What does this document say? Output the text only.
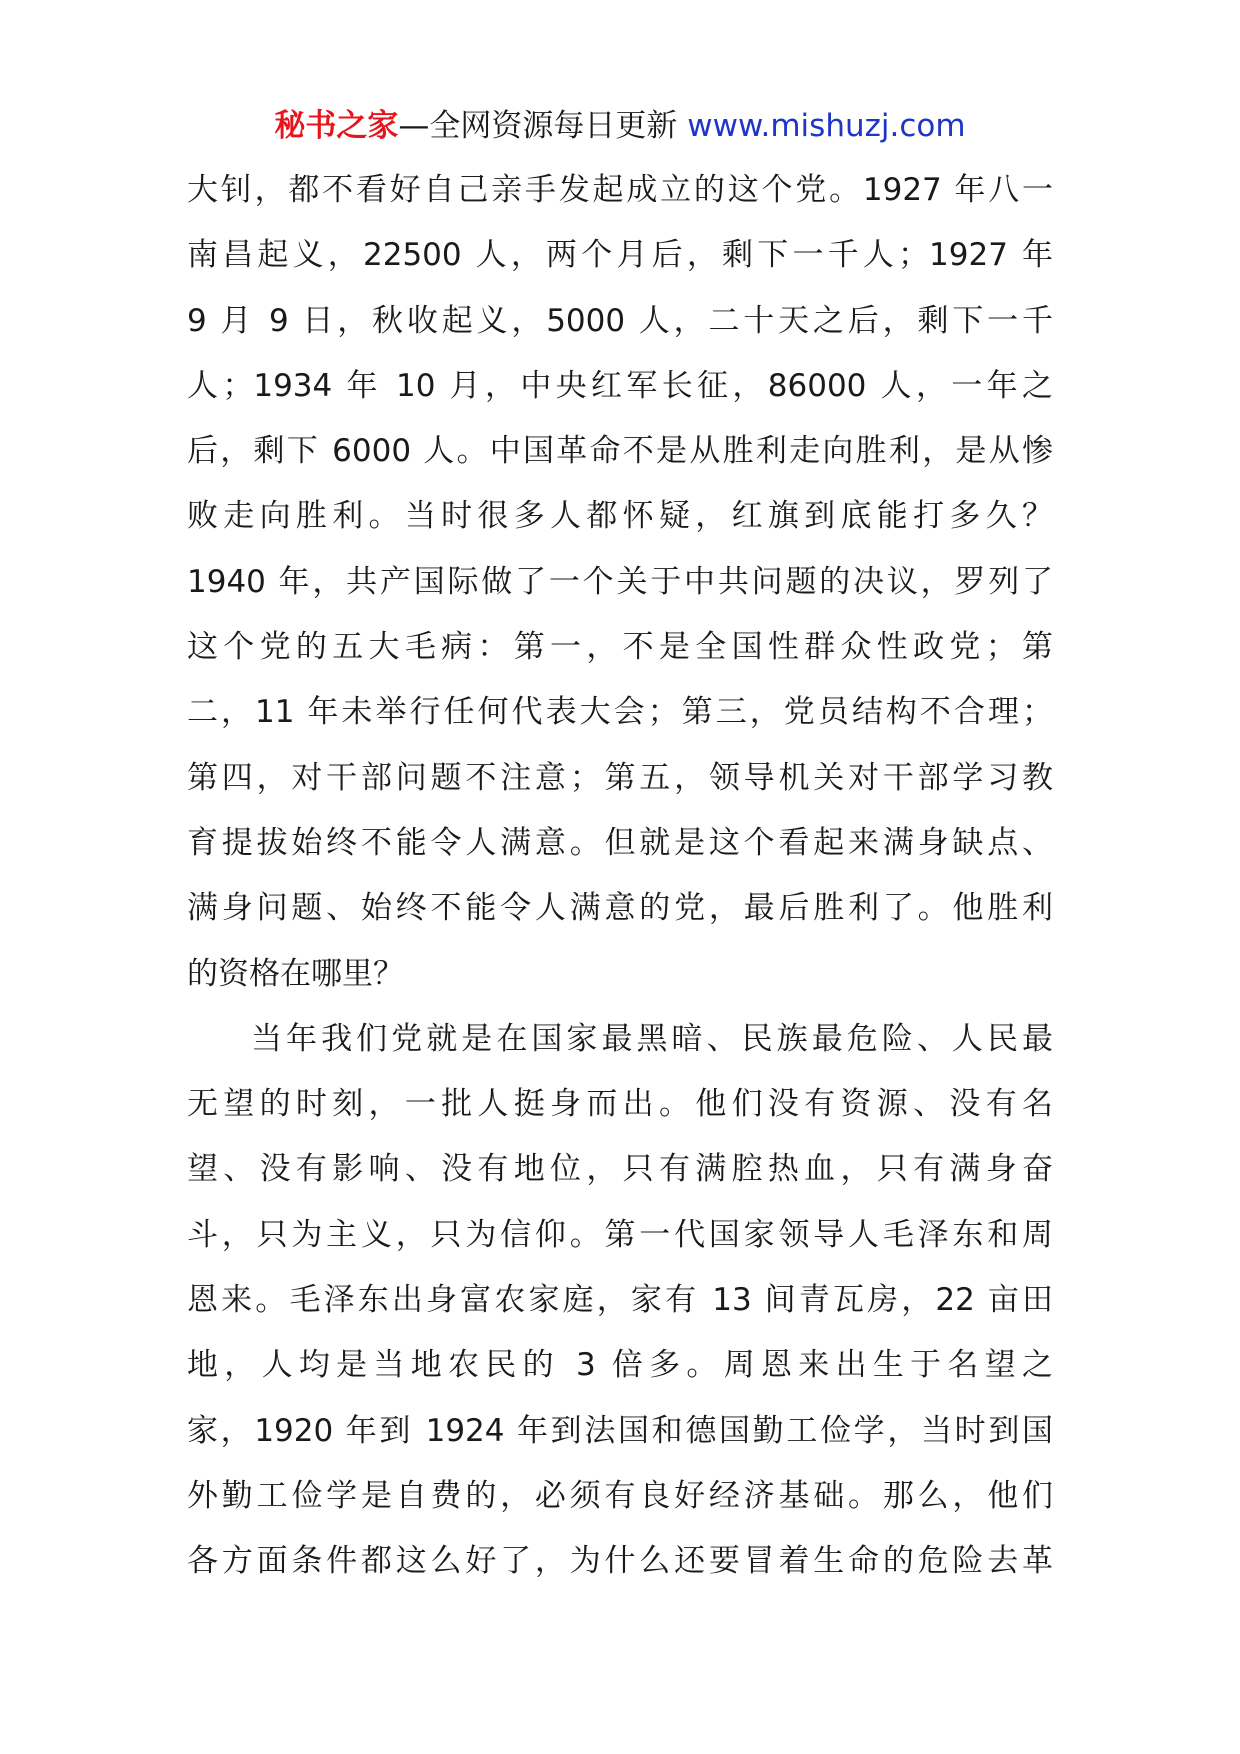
秘书之家—全网资源每日更新 www.mishuzj.com
大钊，都不看好自己亲手发起成立的这个党。1927 年八一
南昌起义，22500 人，两个月后，剩下一千人；1927 年
9 月 9 日，秋收起义，5000 人，二十天之后，剩下一千
人；1934 年 10 月，中央红军长征，86000 人，一年之
后，剩下 6000 人。中国革命不是从胜利走向胜利，是从惨
败走向胜利。当时很多人都怀疑，红旗到底能打多久？
1940 年，共产国际做了一个关于中共问题的决议，罗列了
这个党的五大毛病：第一，不是全国性群众性政党；第
二，11 年未举行任何代表大会；第三，党员结构不合理；
第四，对干部问题不注意；第五，领导机关对干部学习教
育提拔始终不能令人满意。但就是这个看起来满身缺点、
满身问题、始终不能令人满意的党，最后胜利了。他胜利
的资格在哪里？
当年我们党就是在国家最黑暗、民族最危险、人民最
无望的时刻，一批人挺身而出。他们没有资源、没有名
望、没有影响、没有地位，只有满腔热血，只有满身奋
斗，只为主义，只为信仰。第一代国家领导人毛泽东和周
恩来。毛泽东出身富农家庭，家有 13 间青瓦房，22 亩田
地，人均是当地农民的 3 倍多。周恩来出生于名望之
家，1920 年到 1924 年到法国和德国勤工俭学，当时到国
外勤工俭学是自费的，必须有良好经济基础。那么，他们
各方面条件都这么好了，为什么还要冒着生命的危险去革
